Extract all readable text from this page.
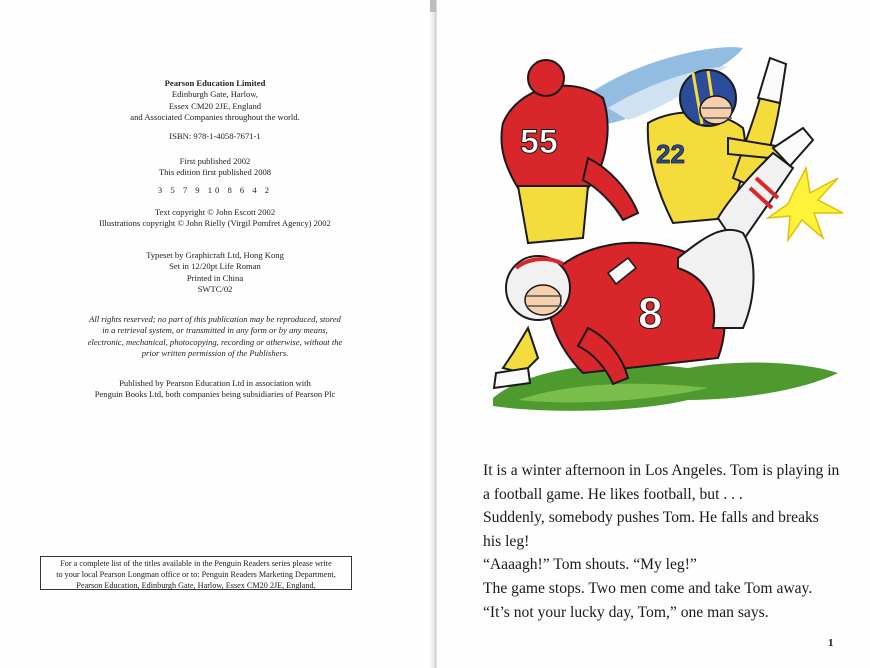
Pearson Education Limited
Edinburgh Gate, Harlow,
Essex CM20 2JE, England
and Associated Companies throughout the world.
ISBN: 978-1-4058-7671-1
First published 2002
This edition first published 2008
3 5 7 9 10 8 6 4 2
Text copyright © John Escott 2002
Illustrations copyright © John Rielly (Virgil Pomfret Agency) 2002
Typeset by Graphicraft Ltd, Hong Kong
Set in 12/20pt Life Roman
Printed in China
SWTC/02
All rights reserved; no part of this publication may be reproduced, stored
in a retrieval system, or transmitted in any form or by any means,
electronic, mechanical, photocopying, recording or otherwise, without the
prior written permission of the Publishers.
Published by Pearson Education Ltd in association with
Penguin Books Ltd, both companies being subsidiaries of Pearson Plc
For a complete list of the titles available in the Penguin Readers series please write
to your local Pearson Longman office or to: Penguin Readers Marketing Department,
Pearson Education, Edinburgh Gate, Harlow, Essex CM20 2JE, England.
22
55
8
It is a winter afternoon in Los Angeles. Tom is playing in
a football game. He likes football, but . . .
Suddenly, somebody pushes Tom. He falls and breaks
his leg!
“Aaaagh!” Tom shouts. “My leg!”
The game stops. Two men come and take Tom away.
“It’s not your lucky day, Tom,” one man says.
1
